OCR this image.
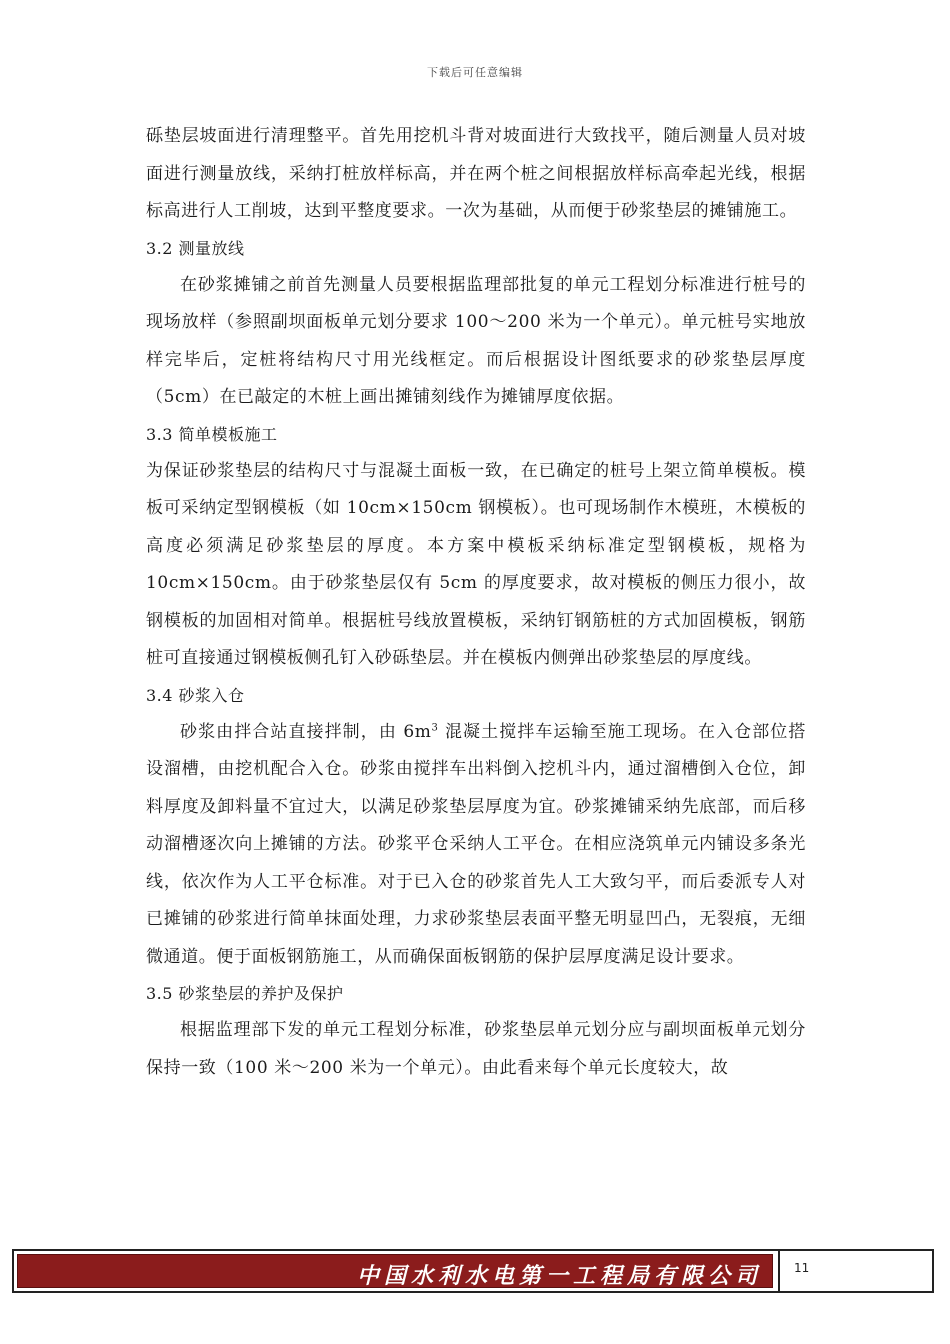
下载后可任意编辑

砾垫层坡面进行清理整平。首先用挖机斗背对坡面进行大致找平，随后测量人员对坡面进行测量放线，采纳打桩放样标高，并在两个桩之间根据放样标高牵起光线，根据标高进行人工削坡，达到平整度要求。一次为基础，从而便于砂浆垫层的摊铺施工。

3.2 测量放线

在砂浆摊铺之前首先测量人员要根据监理部批复的单元工程划分标准进行桩号的现场放样（参照副坝面板单元划分要求 100～200 米为一个单元）。单元桩号实地放样完毕后，定桩将结构尺寸用光线框定。而后根据设计图纸要求的砂浆垫层厚度（5cm）在已敲定的木桩上画出摊铺刻线作为摊铺厚度依据。

3.3 简单模板施工

为保证砂浆垫层的结构尺寸与混凝土面板一致，在已确定的桩号上架立简单模板。模板可采纳定型钢模板（如 10cm×150cm 钢模板）。也可现场制作木模班，木模板的高度必须满足砂浆垫层的厚度。本方案中模板采纳标准定型钢模板，规格为 10cm×150cm。由于砂浆垫层仅有 5cm 的厚度要求，故对模板的侧压力很小，故钢模板的加固相对简单。根据桩号线放置模板，采纳钉钢筋桩的方式加固模板，钢筋桩可直接通过钢模板侧孔钉入砂砾垫层。并在模板内侧弹出砂浆垫层的厚度线。

3.4 砂浆入仓

砂浆由拌合站直接拌制，由 $6m^3$ 混凝土搅拌车运输至施工现场。在入仓部位搭设溜槽，由挖机配合入仓。砂浆由搅拌车出料倒入挖机斗内，通过溜槽倒入仓位，卸料厚度及卸料量不宜过大，以满足砂浆垫层厚度为宜。砂浆摊铺采纳先底部，而后移动溜槽逐次向上摊铺的方法。砂浆平仓采纳人工平仓。在相应浇筑单元内铺设多条光线，依次作为人工平仓标准。对于已入仓的砂浆首先人工大致匀平，而后委派专人对已摊铺的砂浆进行简单抹面处理，力求砂浆垫层表面平整无明显凹凸，无裂痕，无细微通道。便于面板钢筋施工，从而确保面板钢筋的保护层厚度满足设计要求。

3.5 砂浆垫层的养护及保护

根据监理部下发的单元工程划分标准，砂浆垫层单元划分应与副坝面板单元划分保持一致（100 米～200 米为一个单元）。由此看来每个单元长度较大，故

中国水利水电第一工程局有限公司	11
